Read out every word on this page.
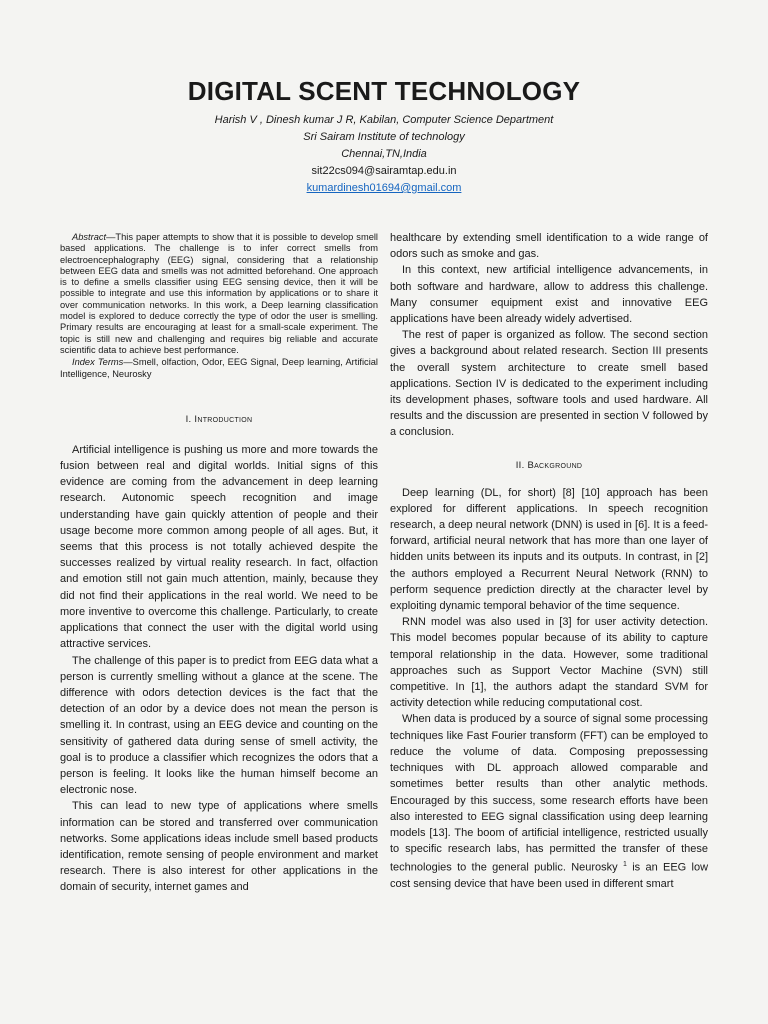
DIGITAL SCENT TECHNOLOGY
Harish V , Dinesh kumar J R, Kabilan, Computer Science Department
Sri Sairam Institute of technology
Chennai,TN,India
sit22cs094@sairamtap.edu.in
kumardinesh01694@gmail.com

Abstract—This paper attempts to show that it is possible to develop smell based applications. The challenge is to infer correct smells from electroencephalography (EEG) signal, considering that a relationship between EEG data and smells was not admitted beforehand. One approach is to define a smells classifier using EEG sensing device, then it will be possible to integrate and use this information by applications or to share it over communication networks. In this work, a Deep learning classification model is explored to deduce correctly the type of odor the user is smelling. Primary results are encouraging at least for a small-scale experiment. The topic is still new and challenging and requires big reliable and accurate scientific data to achieve best performance.

Index Terms—Smell, olfaction, Odor, EEG Signal, Deep learning, Artificial Intelligence, Neurosky

I. Introduction

Artificial intelligence is pushing us more and more towards the fusion between real and digital worlds. Initial signs of this evidence are coming from the advancement in deep learning research. Autonomic speech recognition and image understanding have gain quickly attention of people and their usage become more common among people of all ages. But, it seems that this process is not totally achieved despite the successes realized by virtual reality research. In fact, olfaction and emotion still not gain much attention, mainly, because they did not find their applications in the real world. We need to be more inventive to overcome this challenge. Particularly, to create applications that connect the user with the digital world using attractive services.

The challenge of this paper is to predict from EEG data what a person is currently smelling without a glance at the scene. The difference with odors detection devices is the fact that the detection of an odor by a device does not mean the person is smelling it. In contrast, using an EEG device and counting on the sensitivity of gathered data during sense of smell activity, the goal is to produce a classifier which recognizes the odors that a person is feeling. It looks like the human himself become an electronic nose.

This can lead to new type of applications where smells information can be stored and transferred over communication networks. Some applications ideas include smell based products identification, remote sensing of people environment and market research. There is also interest for other applications in the domain of security, internet games and

healthcare by extending smell identification to a wide range of odors such as smoke and gas.

In this context, new artificial intelligence advancements, in both software and hardware, allow to address this challenge. Many consumer equipment exist and innovative EEG applications have been already widely advertised.

The rest of paper is organized as follow. The second section gives a background about related research. Section III presents the overall system architecture to create smell based applications. Section IV is dedicated to the experiment including its development phases, software tools and used hardware. All results and the discussion are presented in section V followed by a conclusion.

II. Background

Deep learning (DL, for short) [8] [10] approach has been explored for different applications. In speech recognition research, a deep neural network (DNN) is used in [6]. It is a feed-forward, artificial neural network that has more than one layer of hidden units between its inputs and its outputs. In contrast, in [2] the authors employed a Recurrent Neural Network (RNN) to perform sequence prediction directly at the character level by exploiting dynamic temporal behavior of the time sequence.

RNN model was also used in [3] for user activity detection. This model becomes popular because of its ability to capture temporal relationship in the data. However, some traditional approaches such as Support Vector Machine (SVN) still competitive. In [1], the authors adapt the standard SVM for activity detection while reducing computational cost.

When data is produced by a source of signal some processing techniques like Fast Fourier transform (FFT) can be employed to reduce the volume of data. Composing prepossessing techniques with DL approach allowed comparable and sometimes better results than other analytic methods. Encouraged by this success, some research efforts have been also interested to EEG signal classification using deep learning models [13]. The boom of artificial intelligence, restricted usually to specific research labs, has permitted the transfer of these technologies to the general public. Neurosky $^1$ is an EEG low cost sensing device that have been used in different smart
